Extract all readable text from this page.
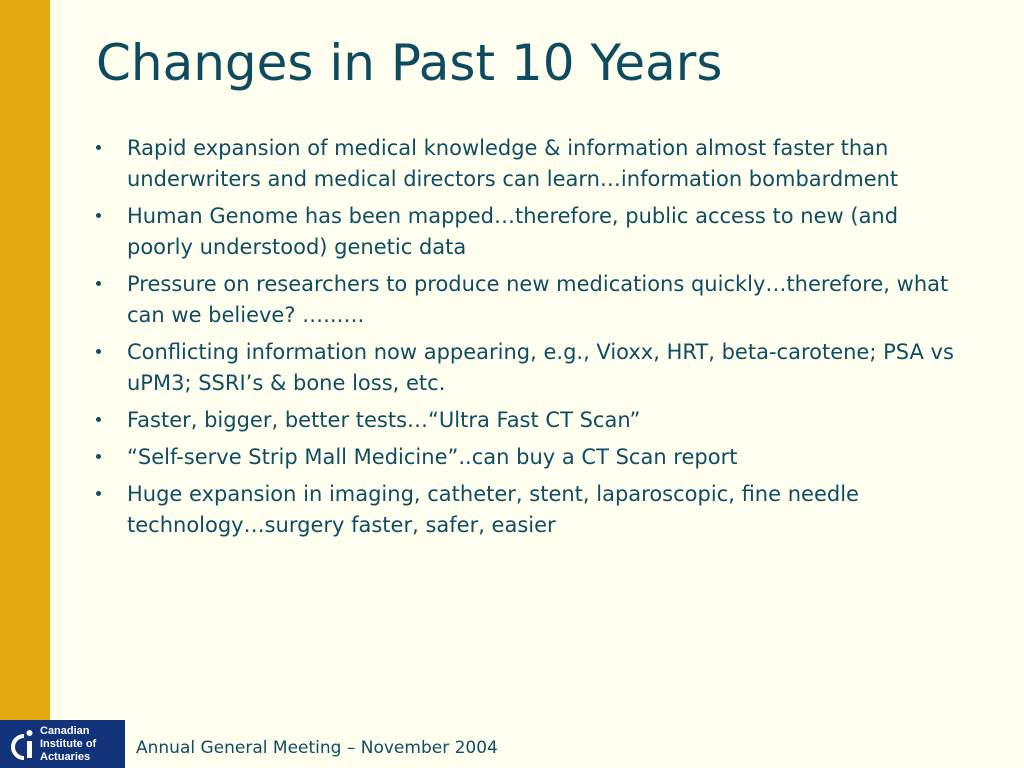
Changes in Past 10 Years
Rapid expansion of medical knowledge & information almost faster than underwriters and medical directors can learn…information bombardment
Human Genome has been mapped…therefore, public access to new (and poorly understood) genetic data
Pressure on researchers to produce new medications quickly…therefore, what can we believe? …..….
Conflicting information now appearing, e.g., Vioxx, HRT, beta-carotene; PSA vs uPM3; SSRI’s & bone loss, etc.
Faster, bigger, better tests…“Ultra Fast CT Scan”
“Self-serve Strip Mall Medicine”..can buy a CT Scan report
Huge expansion in imaging, catheter, stent, laparoscopic, fine needle technology…surgery faster, safer, easier
Canadian
Institute of
Actuaries	Annual General Meeting – November 2004
